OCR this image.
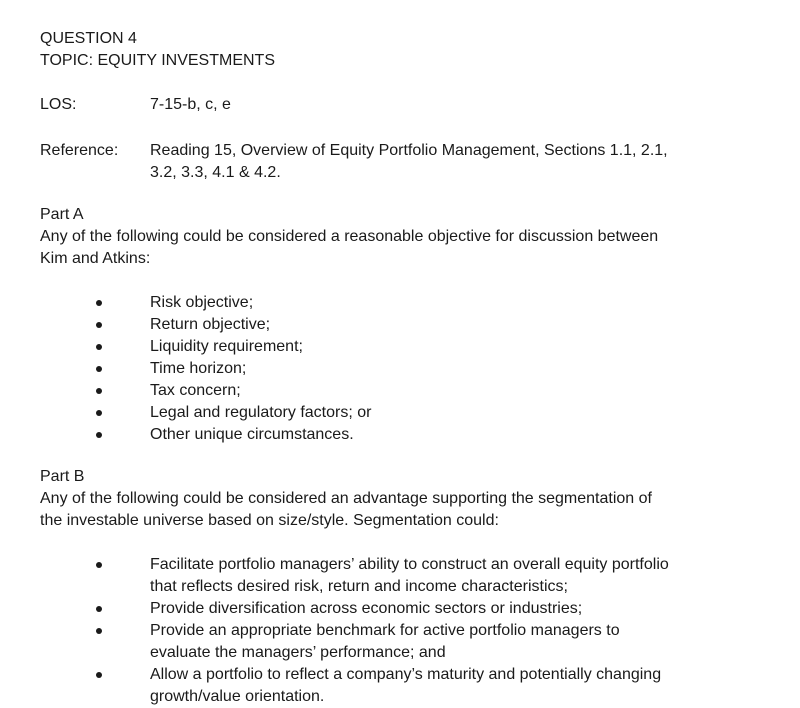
QUESTION 4
TOPIC: EQUITY INVESTMENTS
LOS:	7-15-b, c, e
Reference:	Reading 15, Overview of Equity Portfolio Management, Sections 1.1, 2.1,
3.2, 3.3, 4.1 & 4.2.
Part A
Any of the following could be considered a reasonable objective for discussion between
Kim and Atkins:
Risk objective;
Return objective;
Liquidity requirement;
Time horizon;
Tax concern;
Legal and regulatory factors; or
Other unique circumstances.
Part B
Any of the following could be considered an advantage supporting the segmentation of
the investable universe based on size/style. Segmentation could:
Facilitate portfolio managers’ ability to construct an overall equity portfolio
that reflects desired risk, return and income characteristics;
Provide diversification across economic sectors or industries;
Provide an appropriate benchmark for active portfolio managers to
evaluate the managers’ performance; and
Allow a portfolio to reflect a company’s maturity and potentially changing
growth/value orientation.
